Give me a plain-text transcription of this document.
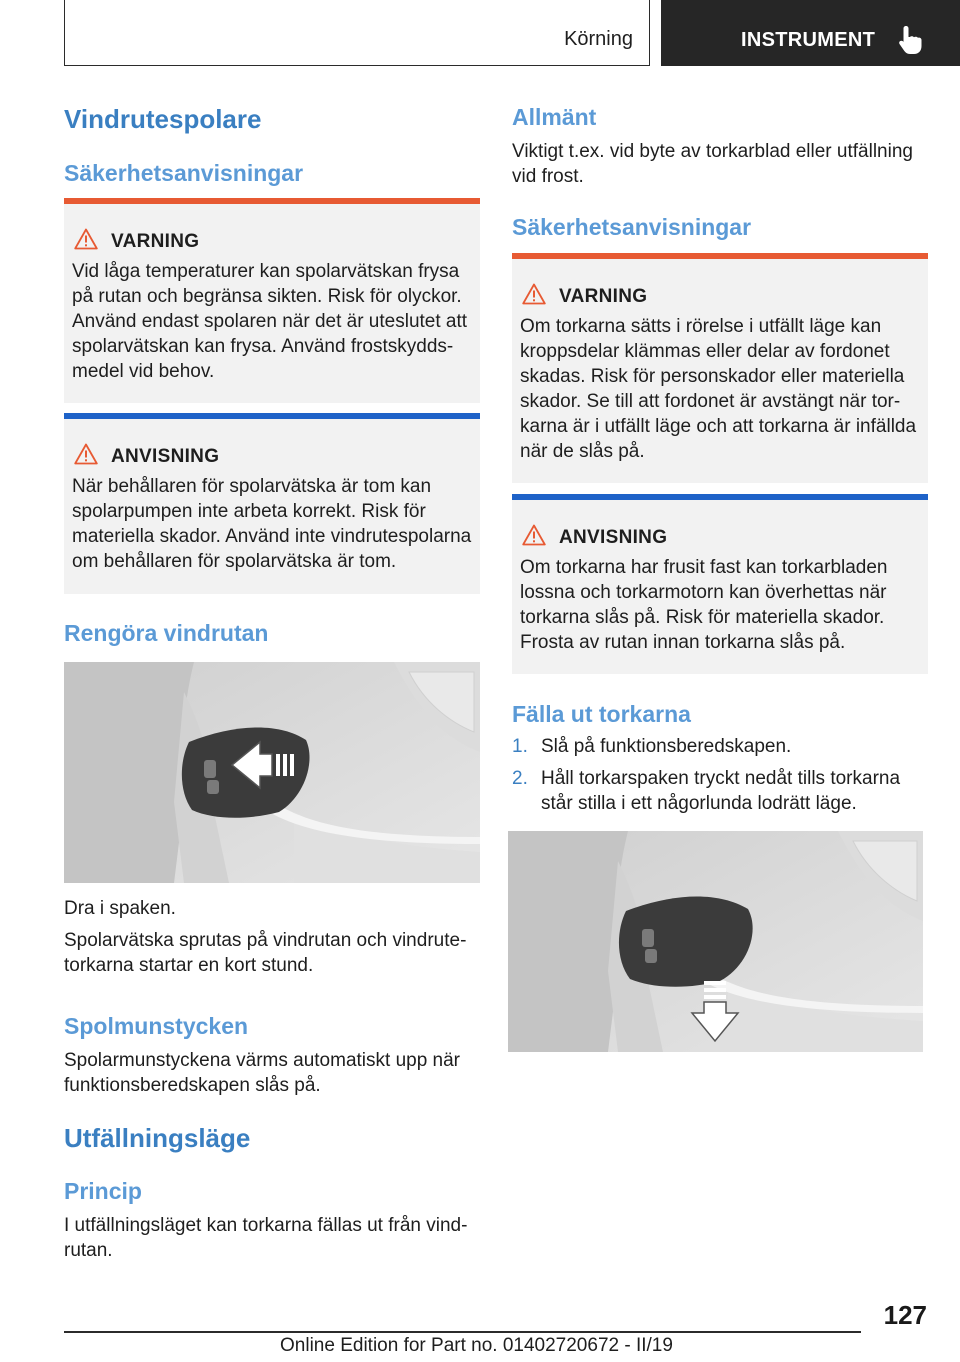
Körning	INSTRUMENT
Vindrutespolare
Säkerhetsanvisningar
VARNING
Vid låga temperaturer kan spolarvätskan frysa på rutan och begränsa sikten. Risk för olyckor. Använd endast spolaren när det är uteslutet att spolarvätskan kan frysa. Använd frostskyddsmedel vid behov.
ANVISNING
När behållaren för spolarvätska är tom kan spolarpumpen inte arbeta korrekt. Risk för materiella skador. Använd inte vindrutespolarna om behållaren för spolarvätska är tom.
Rengöra vindrutan
Dra i spaken.
Spolarvätska sprutas på vindrutan och vindrutetorkarna startar en kort stund.
Spolmunstycken
Spolarmunstyckena värms automatiskt upp när funktionsberedskapen slås på.
Utfällningsläge
Princip
I utfällningsläget kan torkarna fällas ut från vindrutan.
Allmänt
Viktigt t.ex. vid byte av torkarblad eller utfällning vid frost.
Säkerhetsanvisningar
VARNING
Om torkarna sätts i rörelse i utfällt läge kan kroppsdelar klämmas eller delar av fordonet skadas. Risk för personskador eller materiella skador. Se till att fordonet är avstängt när torkarna är i utfällt läge och att torkarna är infällda när de slås på.
ANVISNING
Om torkarna har frusit fast kan torkarbladen lossna och torkarmotorn kan överhettas när torkarna slås på. Risk för materiella skador. Frosta av rutan innan torkarna slås på.
Fälla ut torkarna
1. Slå på funktionsberedskapen.
2. Håll torkarspaken tryckt nedåt tills torkarna står stilla i ett någorlunda lodrätt läge.
127
Online Edition for Part no. 01402720672 - II/19
